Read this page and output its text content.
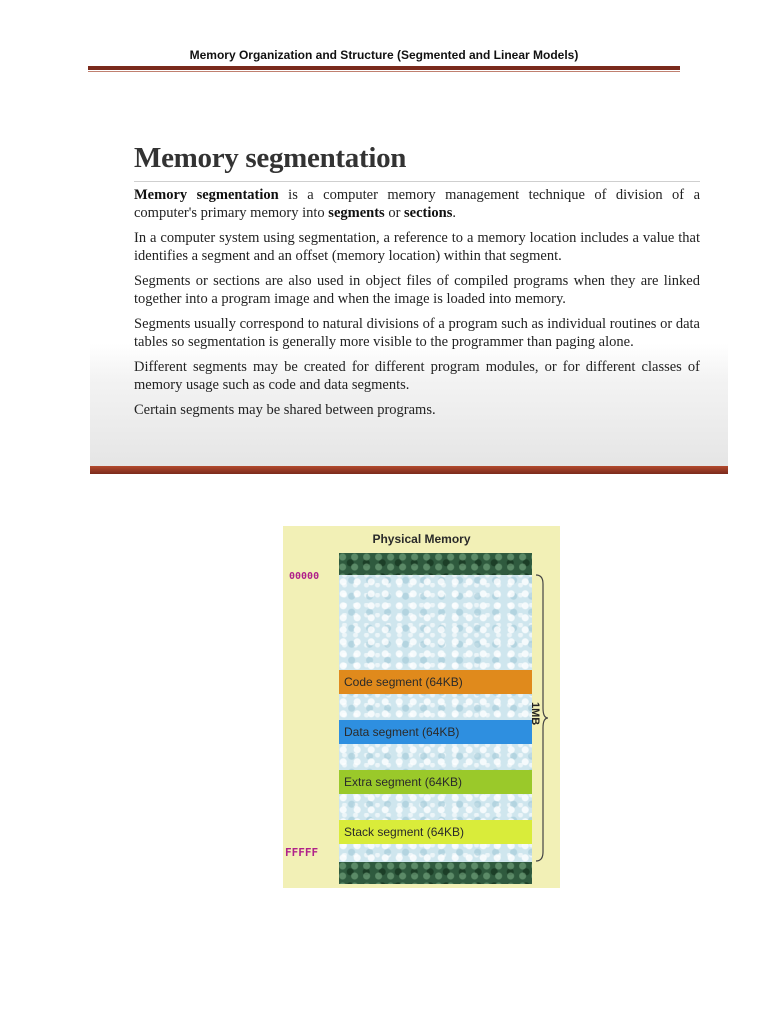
Memory Organization and Structure (Segmented and Linear Models)
Memory segmentation

Memory segmentation is a computer memory management technique of division of a computer's primary memory into segments or sections.

In a computer system using segmentation, a reference to a memory location includes a value that identifies a segment and an offset (memory location) within that segment.

Segments or sections are also used in object files of compiled programs when they are linked together into a program image and when the image is loaded into memory.

Segments usually correspond to natural divisions of a program such as individual routines or data tables so segmentation is generally more visible to the programmer than paging alone.

Different segments may be created for different program modules, or for different classes of memory usage such as code and data segments.

Certain segments may be shared between programs.

Physical Memory
Code segment (64KB)
Data segment (64KB)
Extra segment (64KB)
Stack segment (64KB)
00000
FFFFF
1MB
